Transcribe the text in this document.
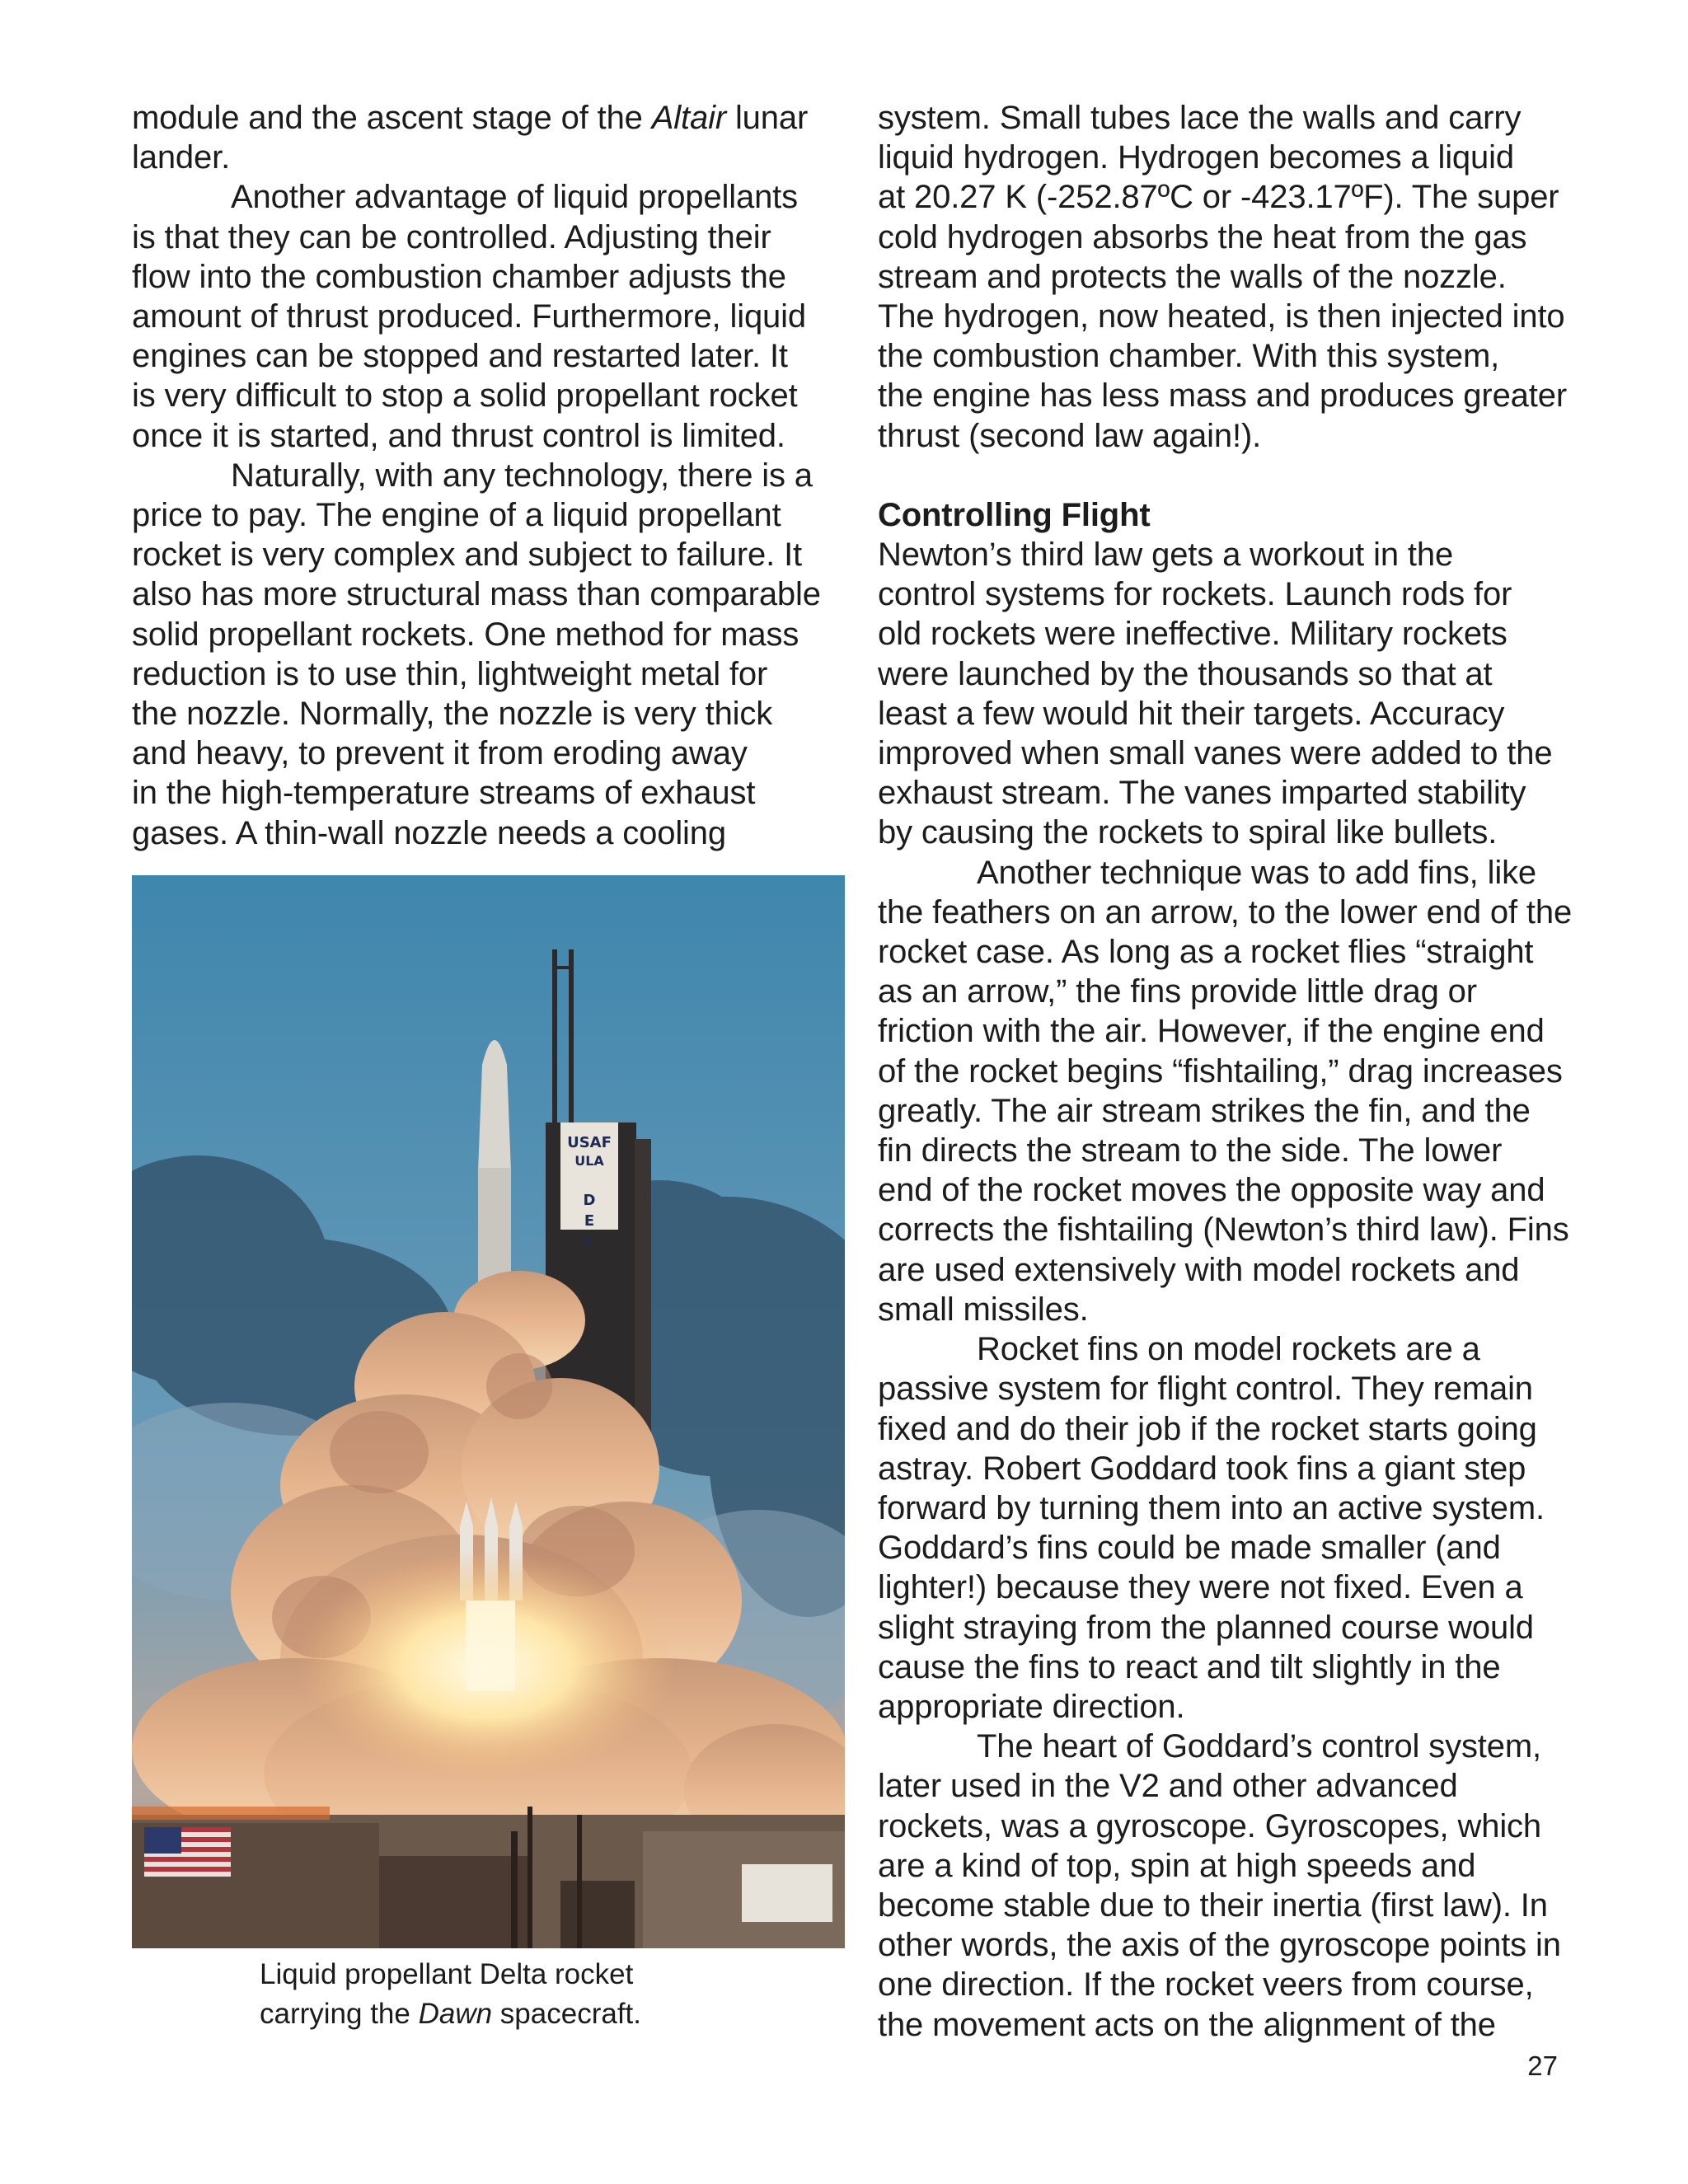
module and the ascent stage of the Altair lunar
lander.

Another advantage of liquid propellants
is that they can be controlled. Adjusting their
flow into the combustion chamber adjusts the
amount of thrust produced. Furthermore, liquid
engines can be stopped and restarted later. It
is very difficult to stop a solid propellant rocket
once it is started, and thrust control is limited.

Naturally, with any technology, there is a
price to pay. The engine of a liquid propellant
rocket is very complex and subject to failure. It
also has more structural mass than comparable
solid propellant rockets. One method for mass
reduction is to use thin, lightweight metal for
the nozzle. Normally, the nozzle is very thick
and heavy, to prevent it from eroding away
in the high-temperature streams of exhaust
gases. A thin-wall nozzle needs a cooling

USAF
ULA
D
E
L

Liquid propellant Delta rocket

carrying the Dawn spacecraft.

system. Small tubes lace the walls and carry
liquid hydrogen. Hydrogen becomes a liquid
at 20.27 K (-252.87ºC or -423.17ºF). The super
cold hydrogen absorbs the heat from the gas
stream and protects the walls of the nozzle.
The hydrogen, now heated, is then injected into
the combustion chamber. With this system,
the engine has less mass and produces greater
thrust (second law again!).

Controlling Flight

Newton’s third law gets a workout in the
control systems for rockets. Launch rods for
old rockets were ineffective. Military rockets
were launched by the thousands so that at
least a few would hit their targets. Accuracy
improved when small vanes were added to the
exhaust stream. The vanes imparted stability
by causing the rockets to spiral like bullets.

Another technique was to add fins, like
the feathers on an arrow, to the lower end of the
rocket case. As long as a rocket flies “straight
as an arrow,” the fins provide little drag or
friction with the air. However, if the engine end
of the rocket begins “fishtailing,” drag increases
greatly. The air stream strikes the fin, and the
fin directs the stream to the side. The lower
end of the rocket moves the opposite way and
corrects the fishtailing (Newton’s third law). Fins
are used extensively with model rockets and
small missiles.

Rocket fins on model rockets are a
passive system for flight control. They remain
fixed and do their job if the rocket starts going
astray. Robert Goddard took fins a giant step
forward by turning them into an active system.
Goddard’s fins could be made smaller (and
lighter!) because they were not fixed. Even a
slight straying from the planned course would
cause the fins to react and tilt slightly in the
appropriate direction.

The heart of Goddard’s control system,
later used in the V2 and other advanced
rockets, was a gyroscope. Gyroscopes, which
are a kind of top, spin at high speeds and
become stable due to their inertia (first law). In
other words, the axis of the gyroscope points in
one direction. If the rocket veers from course,
the movement acts on the alignment of the

27
